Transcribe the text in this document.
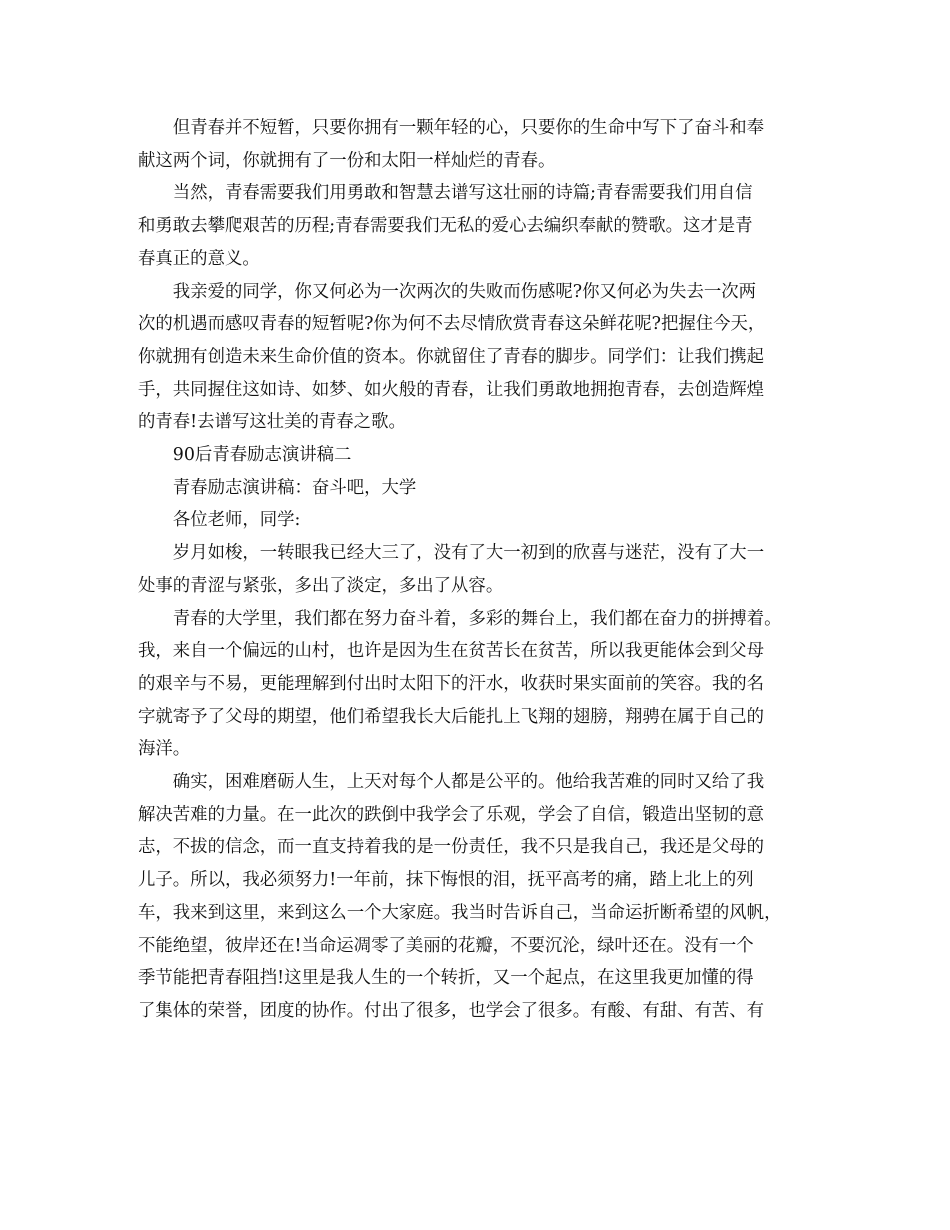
但青春并不短暂，只要你拥有一颗年轻的心，只要你的生命中写下了奋斗和奉
献这两个词，你就拥有了一份和太阳一样灿烂的青春。

当然，青春需要我们用勇敢和智慧去谱写这壮丽的诗篇;青春需要我们用自信
和勇敢去攀爬艰苦的历程;青春需要我们无私的爱心去编织奉献的赞歌。这才是青
春真正的意义。

我亲爱的同学，你又何必为一次两次的失败而伤感呢?你又何必为失去一次两
次的机遇而感叹青春的短暂呢?你为何不去尽情欣赏青春这朵鲜花呢?把握住今天，
你就拥有创造未来生命价值的资本。你就留住了青春的脚步。同学们：让我们携起
手，共同握住这如诗、如梦、如火般的青春，让我们勇敢地拥抱青春，去创造辉煌
的青春!去谱写这壮美的青春之歌。

90后青春励志演讲稿二

青春励志演讲稿：奋斗吧，大学

各位老师，同学:

岁月如梭，一转眼我已经大三了，没有了大一初到的欣喜与迷茫，没有了大一
处事的青涩与紧张，多出了淡定，多出了从容。

青春的大学里，我们都在努力奋斗着，多彩的舞台上，我们都在奋力的拼搏着。
我，来自一个偏远的山村，也许是因为生在贫苦长在贫苦，所以我更能体会到父母
的艰辛与不易，更能理解到付出时太阳下的汗水，收获时果实面前的笑容。我的名
字就寄予了父母的期望，他们希望我长大后能扎上飞翔的翅膀，翔骋在属于自己的
海洋。

确实，困难磨砺人生，上天对每个人都是公平的。他给我苦难的同时又给了我
解决苦难的力量。在一此次的跌倒中我学会了乐观，学会了自信，锻造出坚韧的意
志，不拔的信念，而一直支持着我的是一份责任，我不只是我自己，我还是父母的
儿子。所以，我必须努力!一年前，抹下悔恨的泪，抚平高考的痛，踏上北上的列
车，我来到这里，来到这么一个大家庭。我当时告诉自己，当命运折断希望的风帆，
不能绝望，彼岸还在!当命运凋零了美丽的花瓣，不要沉沦，绿叶还在。没有一个
季节能把青春阻挡!这里是我人生的一个转折，又一个起点，在这里我更加懂的得
了集体的荣誉，团度的协作。付出了很多，也学会了很多。有酸、有甜、有苦、有
